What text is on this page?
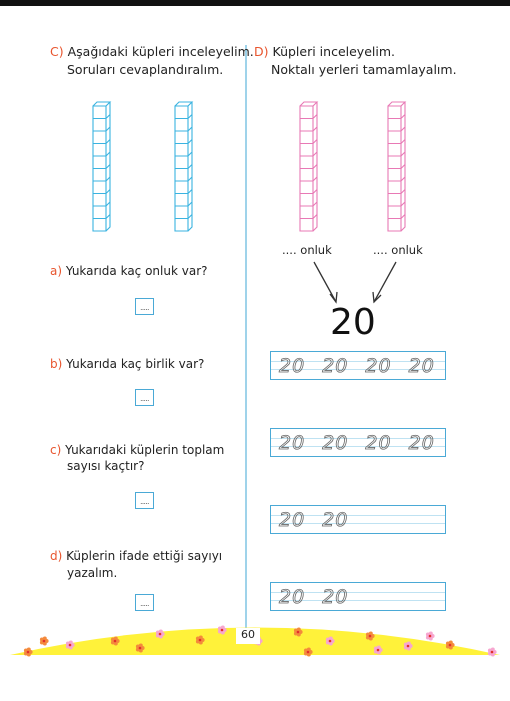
C) Aşağıdaki küpleri inceleyelim.
Soruları cevaplandıralım.
a) Yukarıda kaç onluk var?
.....
b) Yukarıda kaç birlik var?
.....
c) Yukarıdaki küplerin toplam
sayısı kaçtır?
.....
d) Küplerin ifade ettiği sayıyı
yazalım.
.....
D) Küpleri inceleyelim.
Noktalı yerleri tamamlayalım.
.... onluk	.... onluk
20
20 20 20 20
20 20 20 20
20 20
20 20
60
